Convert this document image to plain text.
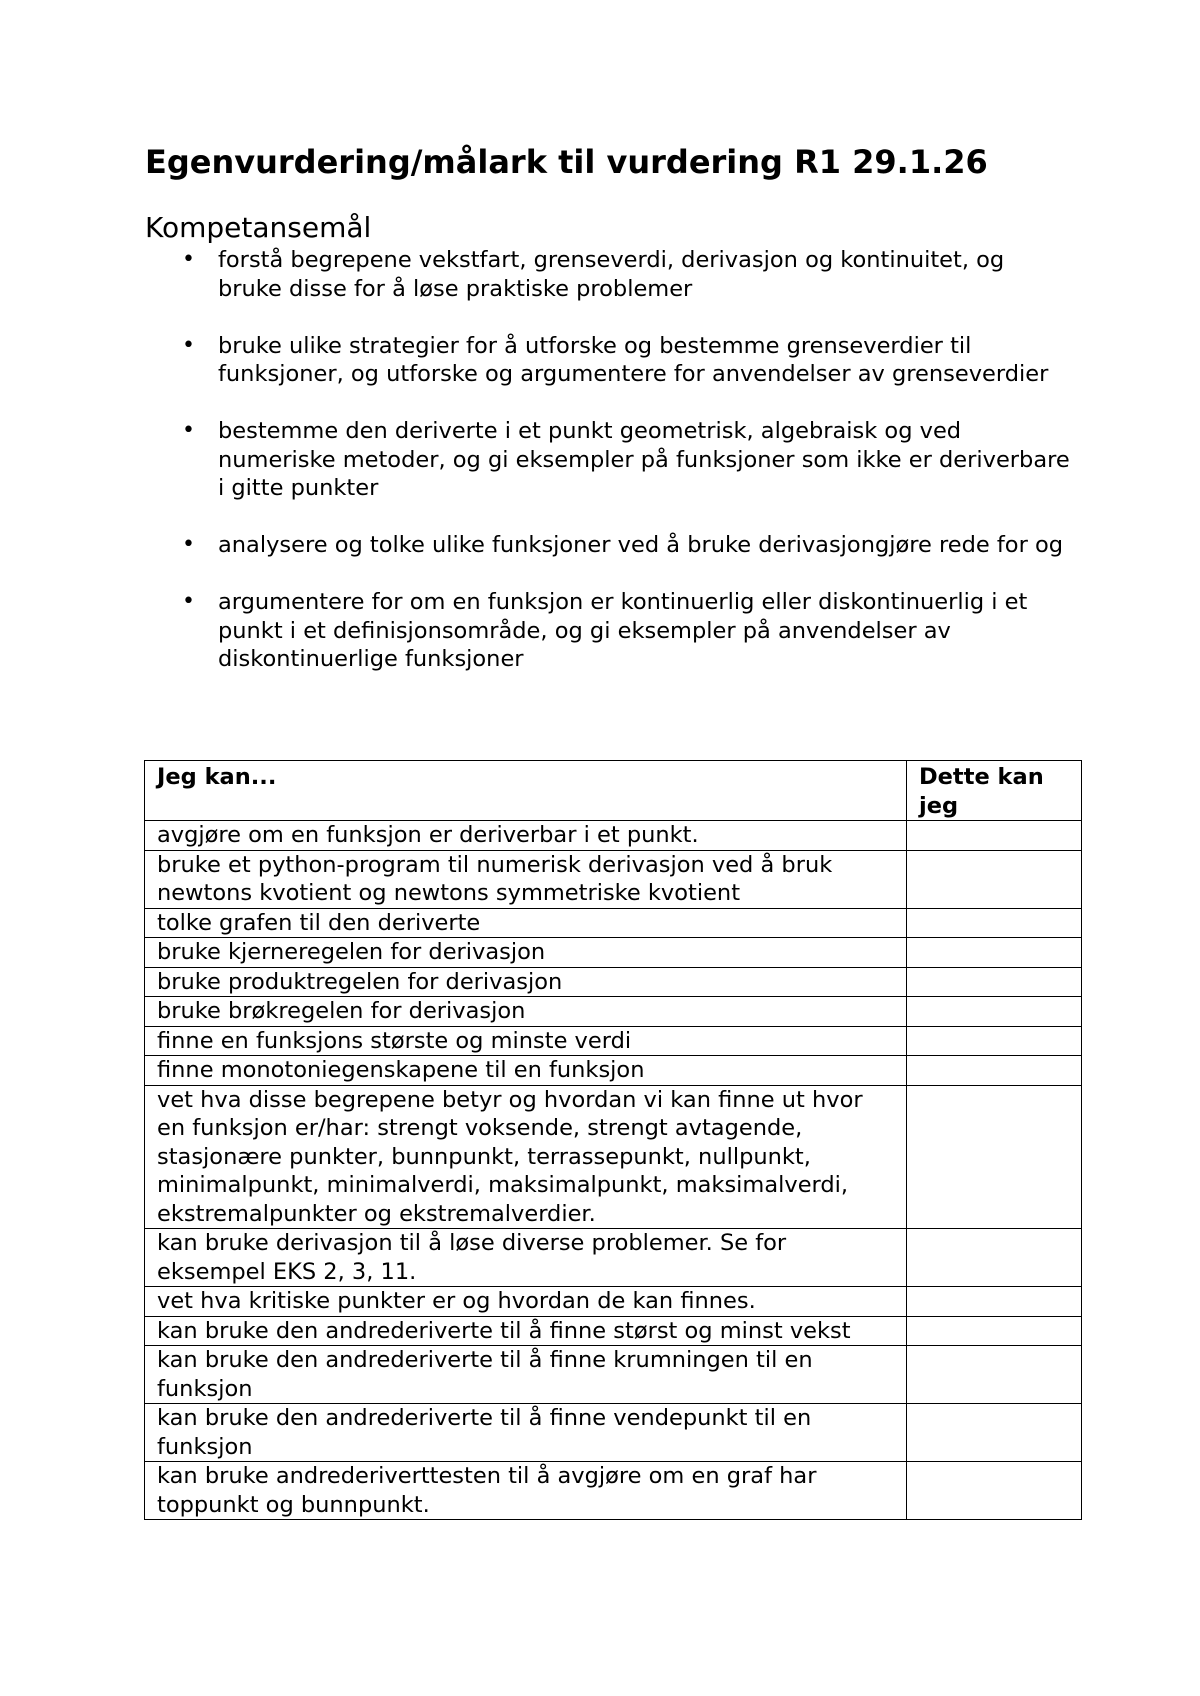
Egenvurdering/målark til vurdering R1 29.1.26
Kompetansemål
• forstå begrepene vekstfart, grenseverdi, derivasjon og kontinuitet, og bruke disse for å løse praktiske problemer
• bruke ulike strategier for å utforske og bestemme grenseverdier til funksjoner, og utforske og argumentere for anvendelser av grenseverdier
• bestemme den deriverte i et punkt geometrisk, algebraisk og ved numeriske metoder, og gi eksempler på funksjoner som ikke er deriverbare i gitte punkter
• analysere og tolke ulike funksjoner ved å bruke derivasjongjøre rede for og
• argumentere for om en funksjon er kontinuerlig eller diskontinuerlig i et punkt i et definisjonsområde, og gi eksempler på anvendelser av diskontinuerlige funksjoner
Jeg kan...	Dette kan jeg
avgjøre om en funksjon er deriverbar i et punkt.	
bruke et python-program til numerisk derivasjon ved å bruk newtons kvotient og newtons symmetriske kvotient	
tolke grafen til den deriverte	
bruke kjerneregelen for derivasjon	
bruke produktregelen for derivasjon	
bruke brøkregelen for derivasjon	
finne en funksjons største og minste verdi	
finne monotoniegenskapene til en funksjon	
vet hva disse begrepene betyr og hvordan vi kan finne ut hvor en funksjon er/har: strengt voksende, strengt avtagende, stasjonære punkter, bunnpunkt, terrassepunkt, nullpunkt, minimalpunkt, minimalverdi, maksimalpunkt, maksimalverdi, ekstremalpunkter og ekstremalverdier.	
kan bruke derivasjon til å løse diverse problemer. Se for eksempel EKS 2, 3, 11.	
vet hva kritiske punkter er og hvordan de kan finnes.	
kan bruke den andrederiverte til å finne størst og minst vekst	
kan bruke den andrederiverte til å finne krumningen til en funksjon	
kan bruke den andrederiverte til å finne vendepunkt til en funksjon	
kan bruke andrederiverttesten til å avgjøre om en graf har toppunkt og bunnpunkt.	
